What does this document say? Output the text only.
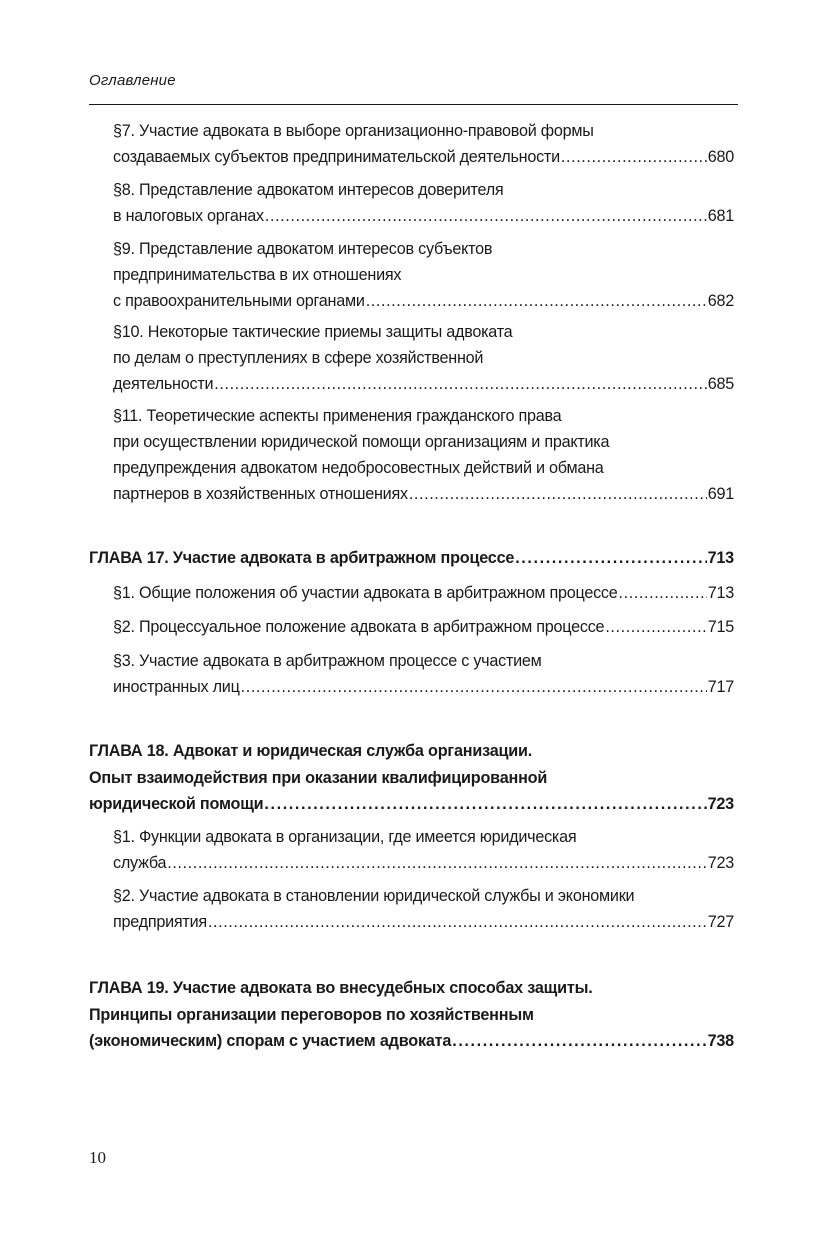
Оглавление
§7. Участие адвоката в выборе организационно-правовой формы
создаваемых субъектов предпринимательской деятельности .....	680
§8. Представление адвокатом интересов доверителя
в налоговых органах .....	681
§9. Представление адвокатом интересов субъектов
предпринимательства в их отношениях
с правоохранительными органами .....	682
§10. Некоторые тактические приемы защиты адвоката
по делам о преступлениях в сфере хозяйственной
деятельности .....	685
§11. Теоретические аспекты применения гражданского права
при осуществлении юридической помощи организациям и практика
предупреждения адвокатом недобросовестных действий и обмана
партнеров в хозяйственных отношениях .....	691
ГЛАВА 17. Участие адвоката в арбитражном процессе .....	713
§1. Общие положения об участии адвоката в арбитражном процессе .....	713
§2. Процессуальное положение адвоката в арбитражном процессе .....	715
§3. Участие адвоката в арбитражном процессе с участием
иностранных лиц .....	717
ГЛАВА 18. Адвокат и юридическая служба организации.
Опыт взаимодействия при оказании квалифицированной
юридической помощи .....	723
§1. Функции адвоката в организации, где имеется юридическая
служба .....	723
§2. Участие адвоката в становлении юридической службы и экономики
предприятия .....	727
ГЛАВА 19. Участие адвоката во внесудебных способах защиты.
Принципы организации переговоров по хозяйственным
(экономическим) спорам с участием адвоката .....	738
10
